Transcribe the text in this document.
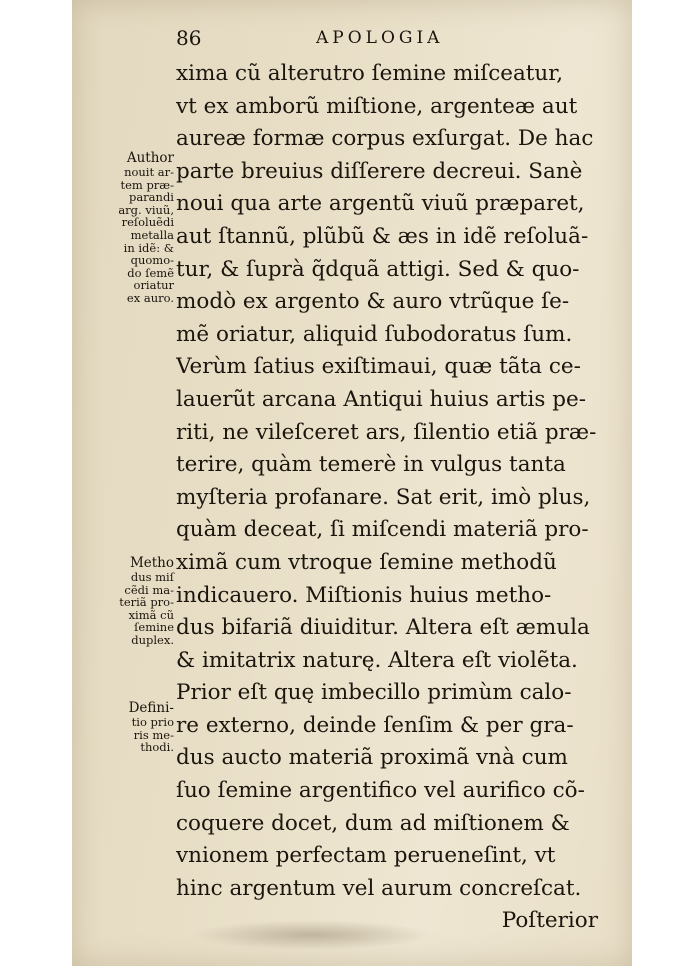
86	APOLOGIA
xima cũ alterutro ſemine miſceatur,
vt ex amborũ miſtione, argenteæ aut
aureæ formæ corpus exſurgat. De hac
parte breuius diſſerere decreui. Sanè
noui qua arte argentũ viuũ præparet,
aut ſtannũ, plũbũ & æs in idẽ reſoluã-
tur, & ſuprà q̃dquã attigi. Sed & quo-
modò ex argento & auro vtrũque ſe-
mẽ oriatur, aliquid ſubodoratus ſum.
Verùm ſatius exiſtimaui, quæ tãta ce-
lauerũt arcana Antiqui huius artis pe-
riti, ne vileſceret ars, ſilentio etiã præ-
terire, quàm temerè in vulgus tanta
myſteria profanare. Sat erit, imò plus,
quàm deceat, ſi miſcendi materiã pro-
ximã cum vtroque ſemine methodũ
indicauero. Miſtionis huius metho-
dus bifariã diuiditur. Altera eſt æmula
& imitatrix naturę. Altera eſt violẽta.
Prior eſt quę imbecillo primùm calo-
re externo, deinde ſenſim & per gra-
dus aucto materiã proximã vnà cum
ſuo ſemine argentifico vel aurifico cõ-
coquere docet, dum ad miſtionem &
vnionem perfectam perueneſint, vt
hinc argentum vel aurum concreſcat.
Poſterior
Author
nouit ar-
tem præ-
parandi
arg. viuũ,
reſoluẽdi
metalla
in idẽ: &
quomo-
do ſemẽ
oriatur
ex auro.
Metho
dus miſ
cẽdi ma-
teriã pro-
ximã cũ
ſemine
duplex.
Defini-
tio prio
ris me-
thodi.
